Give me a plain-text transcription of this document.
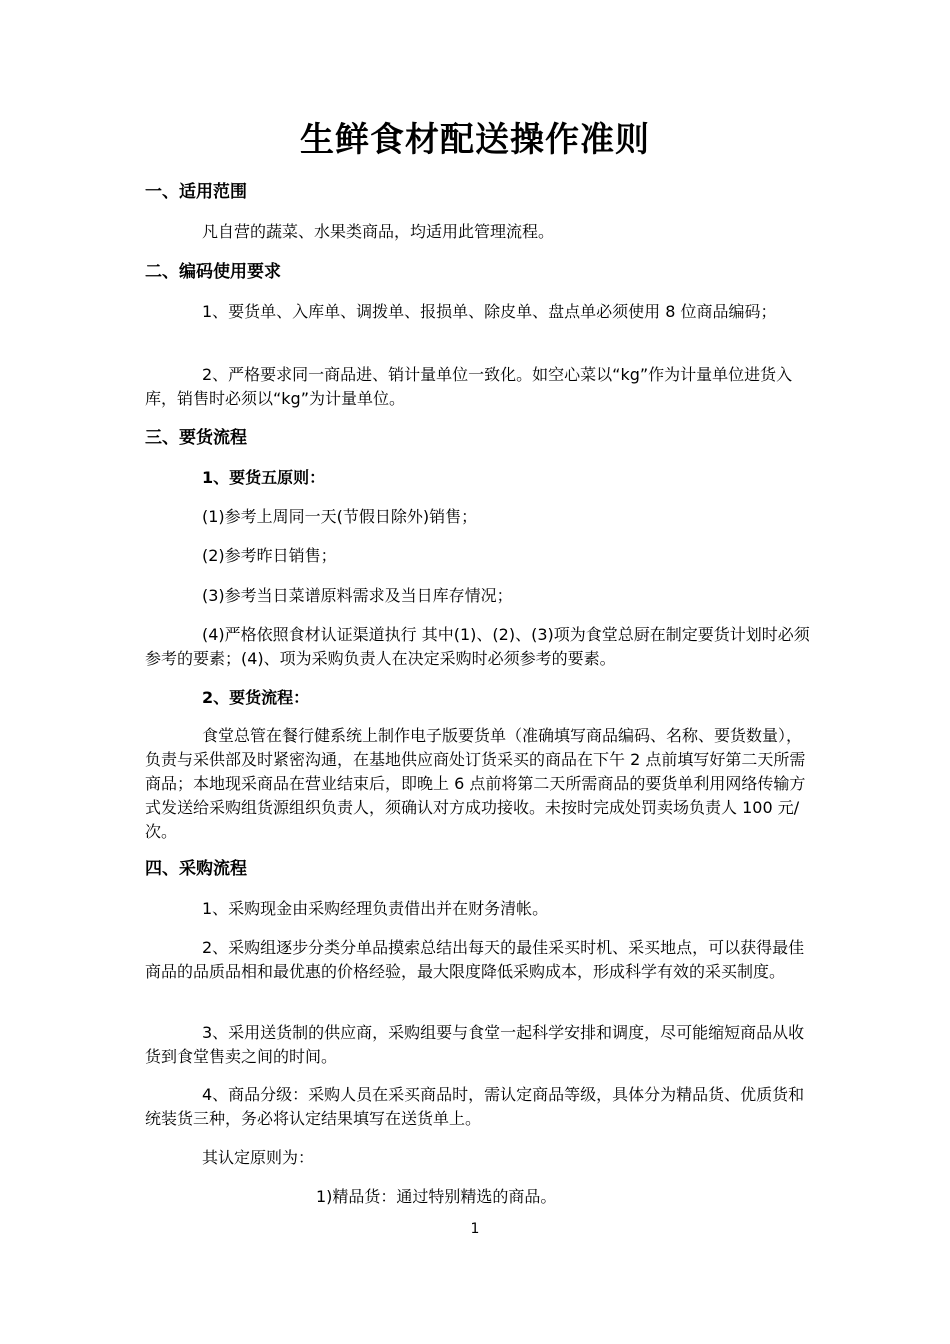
生鲜食材配送操作准则
一、适用范围
凡自营的蔬菜、水果类商品，均适用此管理流程。
二、编码使用要求
1、要货单、入库单、调拨单、报损单、除皮单、盘点单必须使用 8 位商品编码；
2、严格要求同一商品进、销计量单位一致化。如空心菜以“kg”作为计量单位进货入库，销售时必须以“kg”为计量单位。
三、要货流程
1、要货五原则：
(1)参考上周同一天(节假日除外)销售；
(2)参考昨日销售；
(3)参考当日菜谱原料需求及当日库存情况；
(4)严格依照食材认证渠道执行 其中(1)、(2)、(3)项为食堂总厨在制定要货计划时必须参考的要素；(4)、项为采购负责人在决定采购时必须参考的要素。
2、要货流程：
食堂总管在餐行健系统上制作电子版要货单（准确填写商品编码、名称、要货数量），负责与采供部及时紧密沟通，在基地供应商处订货采买的商品在下午 2 点前填写好第二天所需商品；本地现采商品在营业结束后，即晚上 6 点前将第二天所需商品的要货单利用网络传输方式发送给采购组货源组织负责人，须确认对方成功接收。未按时完成处罚卖场负责人 100 元/次。
四、采购流程
1、采购现金由采购经理负责借出并在财务清帐。
2、采购组逐步分类分单品摸索总结出每天的最佳采买时机、采买地点，可以获得最佳商品的品质品相和最优惠的价格经验，最大限度降低采购成本，形成科学有效的采买制度。
3、采用送货制的供应商，采购组要与食堂一起科学安排和调度，尽可能缩短商品从收货到食堂售卖之间的时间。
4、商品分级：采购人员在采买商品时，需认定商品等级，具体分为精品货、优质货和统装货三种，务必将认定结果填写在送货单上。
其认定原则为：
1)精品货：通过特别精选的商品。
1
